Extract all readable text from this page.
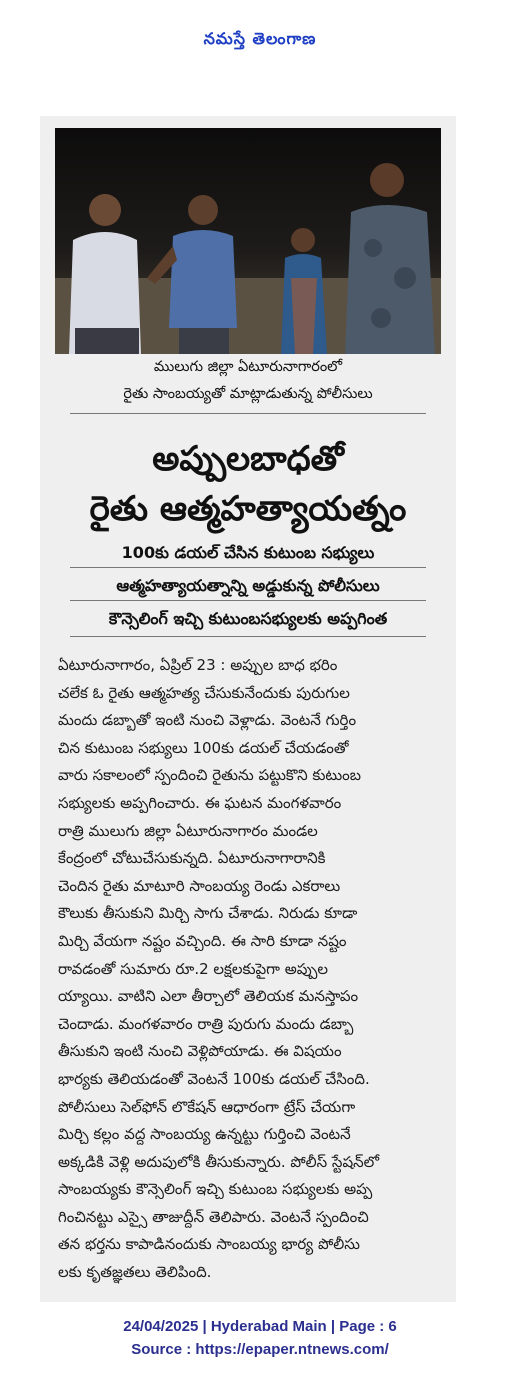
నమస్తే తెలంగాణ
ములుగు జిల్లా ఏటూరునాగారంలో
రైతు సాంబయ్యతో మాట్లాడుతున్న పోలీసులు
అప్పులబాధతో
రైతు ఆత్మహత్యాయత్నం
100కు డయల్ చేసిన కుటుంబ సభ్యులు
ఆత్మహత్యాయత్నాన్ని అడ్డుకున్న పోలీసులు
కౌన్సెలింగ్ ఇచ్చి కుటుంబసభ్యులకు అప్పగింత
ఏటూరునాగారం, ఏప్రిల్ 23 : అప్పుల బాధ భరిం
చలేక ఓ రైతు ఆత్మహత్య చేసుకునేందుకు పురుగుల
మందు డబ్బాతో ఇంటి నుంచి వెళ్లాడు. వెంటనే గుర్తిం
చిన కుటుంబ సభ్యులు 100కు డయల్ చేయడంతో
వారు సకాలంలో స్పందించి రైతును పట్టుకొని కుటుంబ
సభ్యులకు అప్పగించారు. ఈ ఘటన మంగళవారం
రాత్రి ములుగు జిల్లా ఏటూరునాగారం మండల
కేంద్రంలో చోటుచేసుకున్నది. ఏటూరునాగారానికి
చెందిన రైతు మాటూరి సాంబయ్య రెండు ఎకరాలు
కౌలుకు తీసుకుని మిర్చి సాగు చేశాడు. నిరుడు కూడా
మిర్చి వేయగా నష్టం వచ్చింది. ఈ సారి కూడా నష్టం
రావడంతో సుమారు రూ.2 లక్షలకుపైగా అప్పుల
య్యాయి. వాటిని ఎలా తీర్చాలో తెలియక మనస్తాపం
చెందాడు. మంగళవారం రాత్రి పురుగు మందు డబ్బా
తీసుకుని ఇంటి నుంచి వెళ్లిపోయాడు. ఈ విషయం
భార్యకు తెలియడంతో వెంటనే 100కు డయల్ చేసింది.
పోలీసులు సెల్‌ఫోన్ లొకేషన్ ఆధారంగా ట్రేస్ చేయగా
మిర్చి కల్లం వద్ద సాంబయ్య ఉన్నట్టు గుర్తించి వెంటనే
అక్కడికి వెళ్లి అదుపులోకి తీసుకున్నారు. పోలీస్ స్టేషన్‌లో
సాంబయ్యకు కౌన్సెలింగ్ ఇచ్చి కుటుంబ సభ్యులకు అప్ప
గించినట్టు ఎస్సై తాజుద్దీన్ తెలిపారు. వెంటనే స్పందించి
తన భర్తను కాపాడినందుకు సాంబయ్య భార్య పోలీసు
లకు కృతజ్ఞతలు తెలిపింది.
24/04/2025 | Hyderabad Main | Page : 6
Source : https://epaper.ntnews.com/
